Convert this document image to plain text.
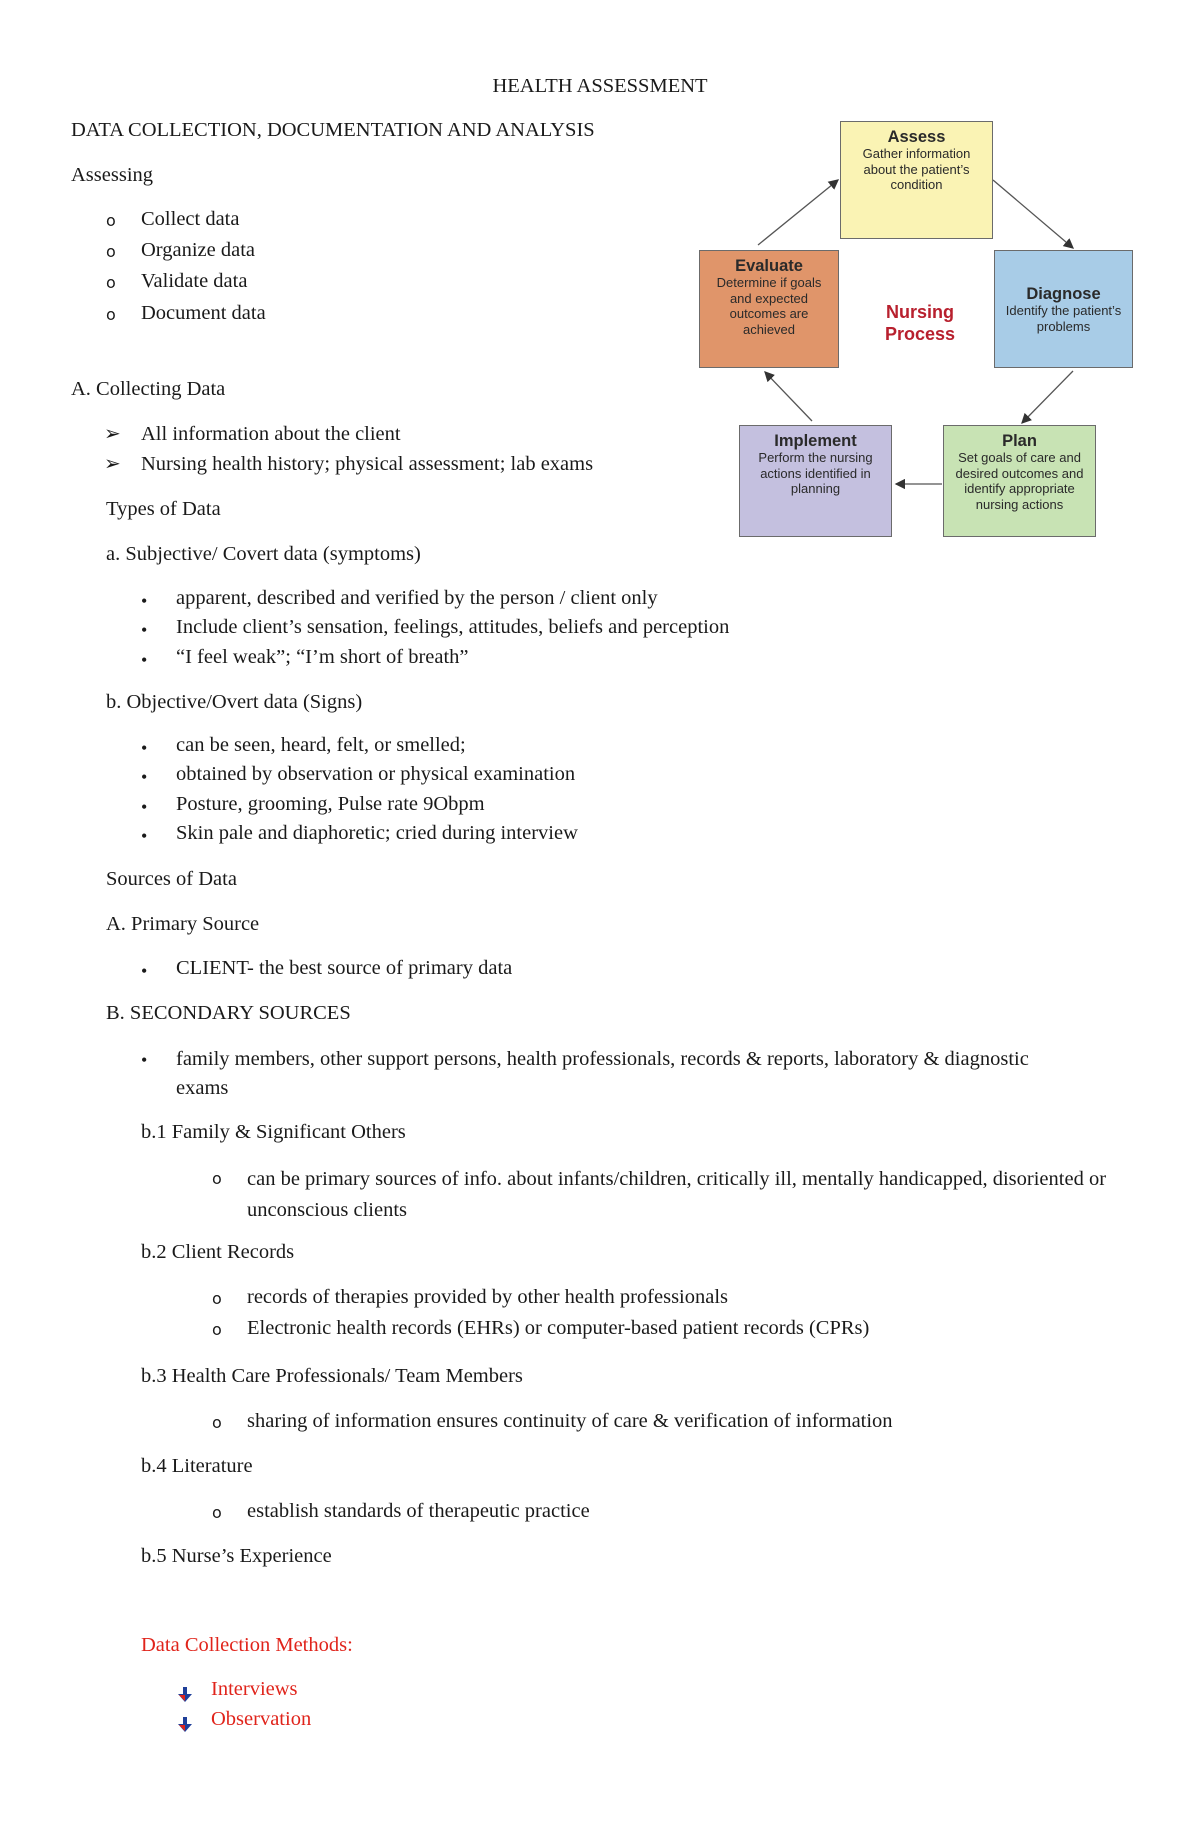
HEALTH ASSESSMENT
DATA COLLECTION, DOCUMENTATION AND ANALYSIS
Assessing
o Collect data
o Organize data
o Validate data
o Document data
A. Collecting Data
➢ All information about the client
➢ Nursing health history; physical assessment; lab exams
Types of Data
a. Subjective/ Covert data (symptoms)
• apparent, described and verified by the person / client only
• Include client’s sensation, feelings, attitudes, beliefs and perception
• “I feel weak”; “I’m short of breath”
b. Objective/Overt data (Signs)
• can be seen, heard, felt, or smelled;
• obtained by observation or physical examination
• Posture, grooming, Pulse rate 9Obpm
• Skin pale and diaphoretic; cried during interview
Sources of Data
A. Primary Source
• CLIENT- the best source of primary data
B. SECONDARY SOURCES
• family members, other support persons, health professionals, records & reports, laboratory & diagnostic exams
b.1 Family & Significant Others
o can be primary sources of info. about infants/children, critically ill, mentally handicapped, disoriented or unconscious clients
b.2 Client Records
o records of therapies provided by other health professionals
o Electronic health records (EHRs) or computer-based patient records (CPRs)
b.3 Health Care Professionals/ Team Members
o sharing of information ensures continuity of care & verification of information
b.4 Literature
o establish standards of therapeutic practice
b.5 Nurse’s Experience
Data Collection Methods:
Interviews
Observation
Assess
Gather information about the patient’s condition
Evaluate
Determine if goals and expected outcomes are achieved
Nursing
Process
Diagnose
Identify the patient’s problems
Implement
Perform the nursing actions identified in planning
Plan
Set goals of care and desired outcomes and identify appropriate nursing actions
